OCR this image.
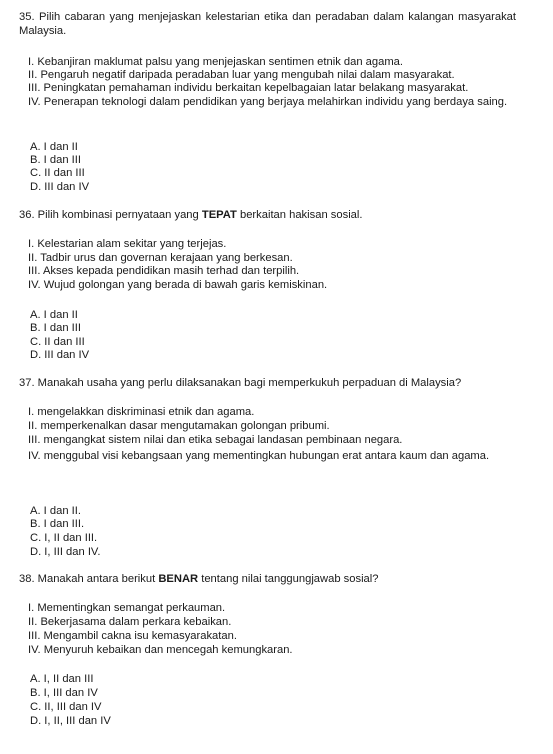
35. Pilih cabaran yang menjejaskan kelestarian etika dan peradaban dalam kalangan masyarakat Malaysia.

I. Kebanjiran maklumat palsu yang menjejaskan sentimen etnik dan agama.

II. Pengaruh negatif daripada peradaban luar yang mengubah nilai dalam masyarakat.

III. Peningkatan pemahaman individu berkaitan kepelbagaian latar belakang masyarakat.

IV. Penerapan teknologi dalam pendidikan yang berjaya melahirkan individu yang berdaya saing.

A. I dan II

B. I dan III

C. II dan III

D. III dan IV

36. Pilih kombinasi pernyataan yang TEPAT berkaitan hakisan sosial.

I. Kelestarian alam sekitar yang terjejas.

II. Tadbir urus dan governan kerajaan yang berkesan.

III. Akses kepada pendidikan masih terhad dan terpilih.

IV. Wujud golongan yang berada di bawah garis kemiskinan.

A. I dan II

B. I dan III

C. II dan III

D. III dan IV

37. Manakah usaha yang perlu dilaksanakan bagi memperkukuh perpaduan di Malaysia?

I. mengelakkan diskriminasi etnik dan agama.

II. memperkenalkan dasar mengutamakan golongan pribumi.

III. mengangkat sistem nilai dan etika sebagai landasan pembinaan negara.

IV. menggubal visi kebangsaan yang mementingkan hubungan erat antara kaum dan agama.

A. I dan II.

B. I dan III.

C. I, II dan III.

D. I, III dan IV.

38. Manakah antara berikut BENAR tentang nilai tanggungjawab sosial?

I. Mementingkan semangat perkauman.

II. Bekerjasama dalam perkara kebaikan.

III. Mengambil cakna isu kemasyarakatan.

IV. Menyuruh kebaikan dan mencegah kemungkaran.

A. I, II dan III

B. I, III dan IV

C. II, III dan IV

D. I, II, III dan IV
